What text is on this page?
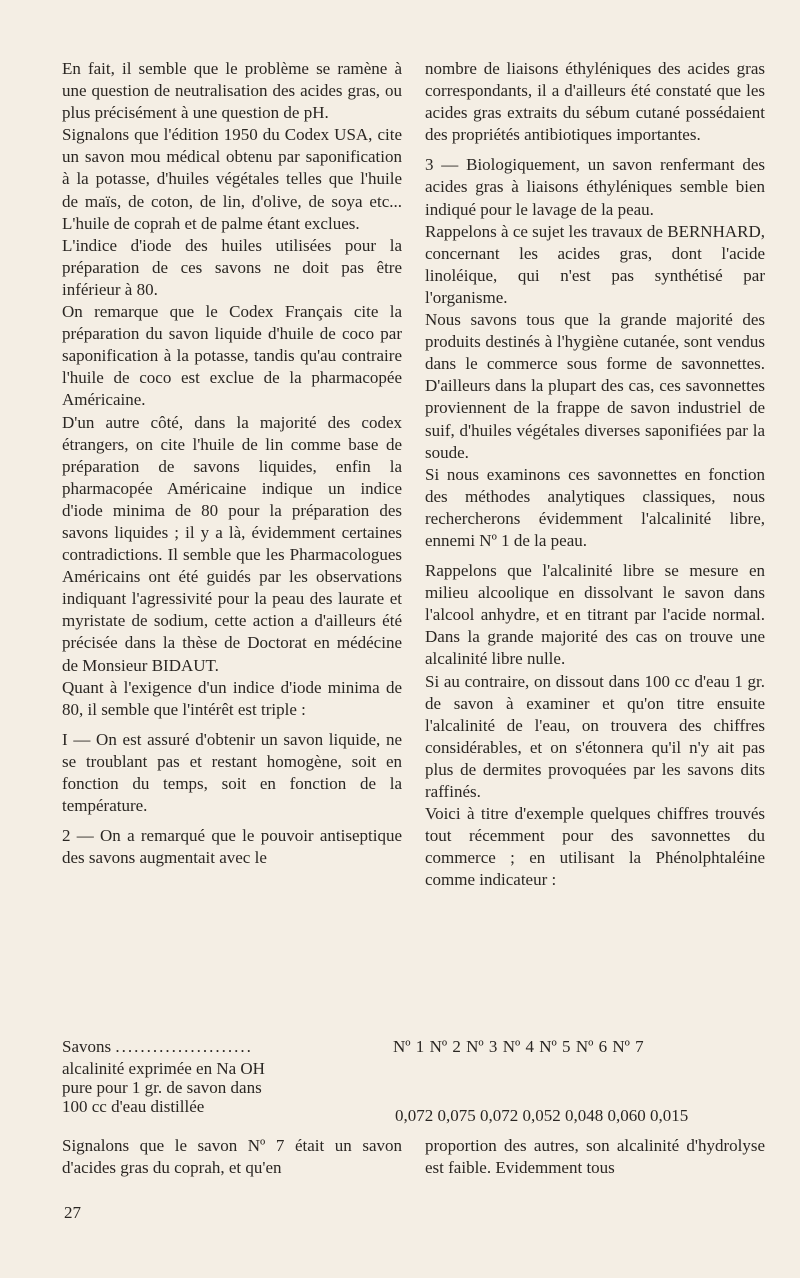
En fait, il semble que le problème se ramène à une question de neutralisation des acides gras, ou plus précisément à une question de pH.

Signalons que l'édition 1950 du Codex USA, cite un savon mou médical obtenu par saponification à la potasse, d'huiles végétales telles que l'huile de maïs, de coton, de lin, d'olive, de soya etc... L'huile de coprah et de palme étant exclues.

L'indice d'iode des huiles utilisées pour la préparation de ces savons ne doit pas être inférieur à 80.

On remarque que le Codex Français cite la préparation du savon liquide d'huile de coco par saponification à la potasse, tandis qu'au contraire l'huile de coco est exclue de la pharmacopée Américaine.

D'un autre côté, dans la majorité des codex étrangers, on cite l'huile de lin comme base de préparation de savons liquides, enfin la pharmacopée Américaine indique un indice d'iode minima de 80 pour la préparation des savons liquides ; il y a là, évidemment certaines contradictions. Il semble que les Pharmacologues Américains ont été guidés par les observations indiquant l'agressivité pour la peau des laurate et myristate de sodium, cette action a d'ailleurs été précisée dans la thèse de Doctorat en médécine de Monsieur BIDAUT.

Quant à l'exigence d'un indice d'iode minima de 80, il semble que l'intérêt est triple :

I — On est assuré d'obtenir un savon liquide, ne se troublant pas et restant homogène, soit en fonction du temps, soit en fonction de la température.

2 — On a remarqué que le pouvoir antiseptique des savons augmentait avec le

nombre de liaisons éthyléniques des acides gras correspondants, il a d'ailleurs été constaté que les acides gras extraits du sébum cutané possédaient des propriétés antibiotiques importantes.

3 — Biologiquement, un savon renfermant des acides gras à liaisons éthyléniques semble bien indiqué pour le lavage de la peau.

Rappelons à ce sujet les travaux de BERNHARD, concernant les acides gras, dont l'acide linoléique, qui n'est pas synthétisé par l'organisme.

Nous savons tous que la grande majorité des produits destinés à l'hygiène cutanée, sont vendus dans le commerce sous forme de savonnettes. D'ailleurs dans la plupart des cas, ces savonnettes proviennent de la frappe de savon industriel de suif, d'huiles végétales diverses saponifiées par la soude.

Si nous examinons ces savonnettes en fonction des méthodes analytiques classiques, nous rechercherons évidemment l'alcalinité libre, ennemi Nº 1 de la peau.

Rappelons que l'alcalinité libre se mesure en milieu alcoolique en dissolvant le savon dans l'alcool anhydre, et en titrant par l'acide normal. Dans la grande majorité des cas on trouve une alcalinité libre nulle.

Si au contraire, on dissout dans 100 cc d'eau 1 gr. de savon à examiner et qu'on titre ensuite l'alcalinité de l'eau, on trouvera des chiffres considérables, et on s'étonnera qu'il n'y ait pas plus de dermites provoquées par les savons dits raffinés.

Voici à titre d'exemple quelques chiffres trouvés tout récemment pour des savonnettes du commerce ; en utilisant la Phénolphtaléine comme indicateur :

Savons ......................	Nº 1 Nº 2 Nº 3 Nº 4 Nº 5 Nº 6 Nº 7
alcalinité exprimée en Na OH
pure pour 1 gr. de savon dans
100 cc d'eau distillée	0,072 0,075 0,072 0,052 0,048 0,060 0,015
Signalons que le savon Nº 7 était un savon d'acides gras du coprah, et qu'en
proportion des autres, son alcalinité d'hydrolyse est faible. Evidemment tous
27
